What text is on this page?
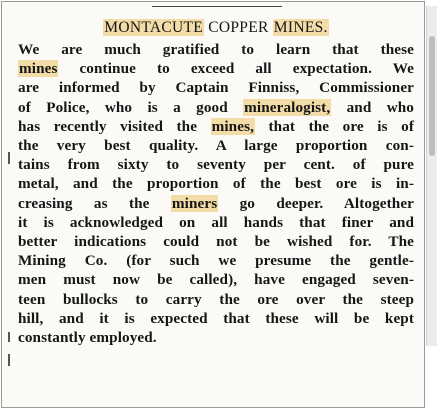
MONTACUTE COPPER MINES.
We are much gratified to learn that these
mines continue to exceed all expectation. We
are informed by Captain Finniss, Commissioner
of Police, who is a good mineralogist, and who
has recently visited the mines, that the ore is of
the very best quality. A large proportion con-
tains from sixty to seventy per cent. of pure
metal, and the proportion of the best ore is in-
creasing as the miners go deeper. Altogether
it is acknowledged on all hands that finer and
better indications could not be wished for. The
Mining Co. (for such we presume the gentle-
men must now be called), have engaged seven-
teen bullocks to carry the ore over the steep
hill, and it is expected that these will be kept
constantly employed.
